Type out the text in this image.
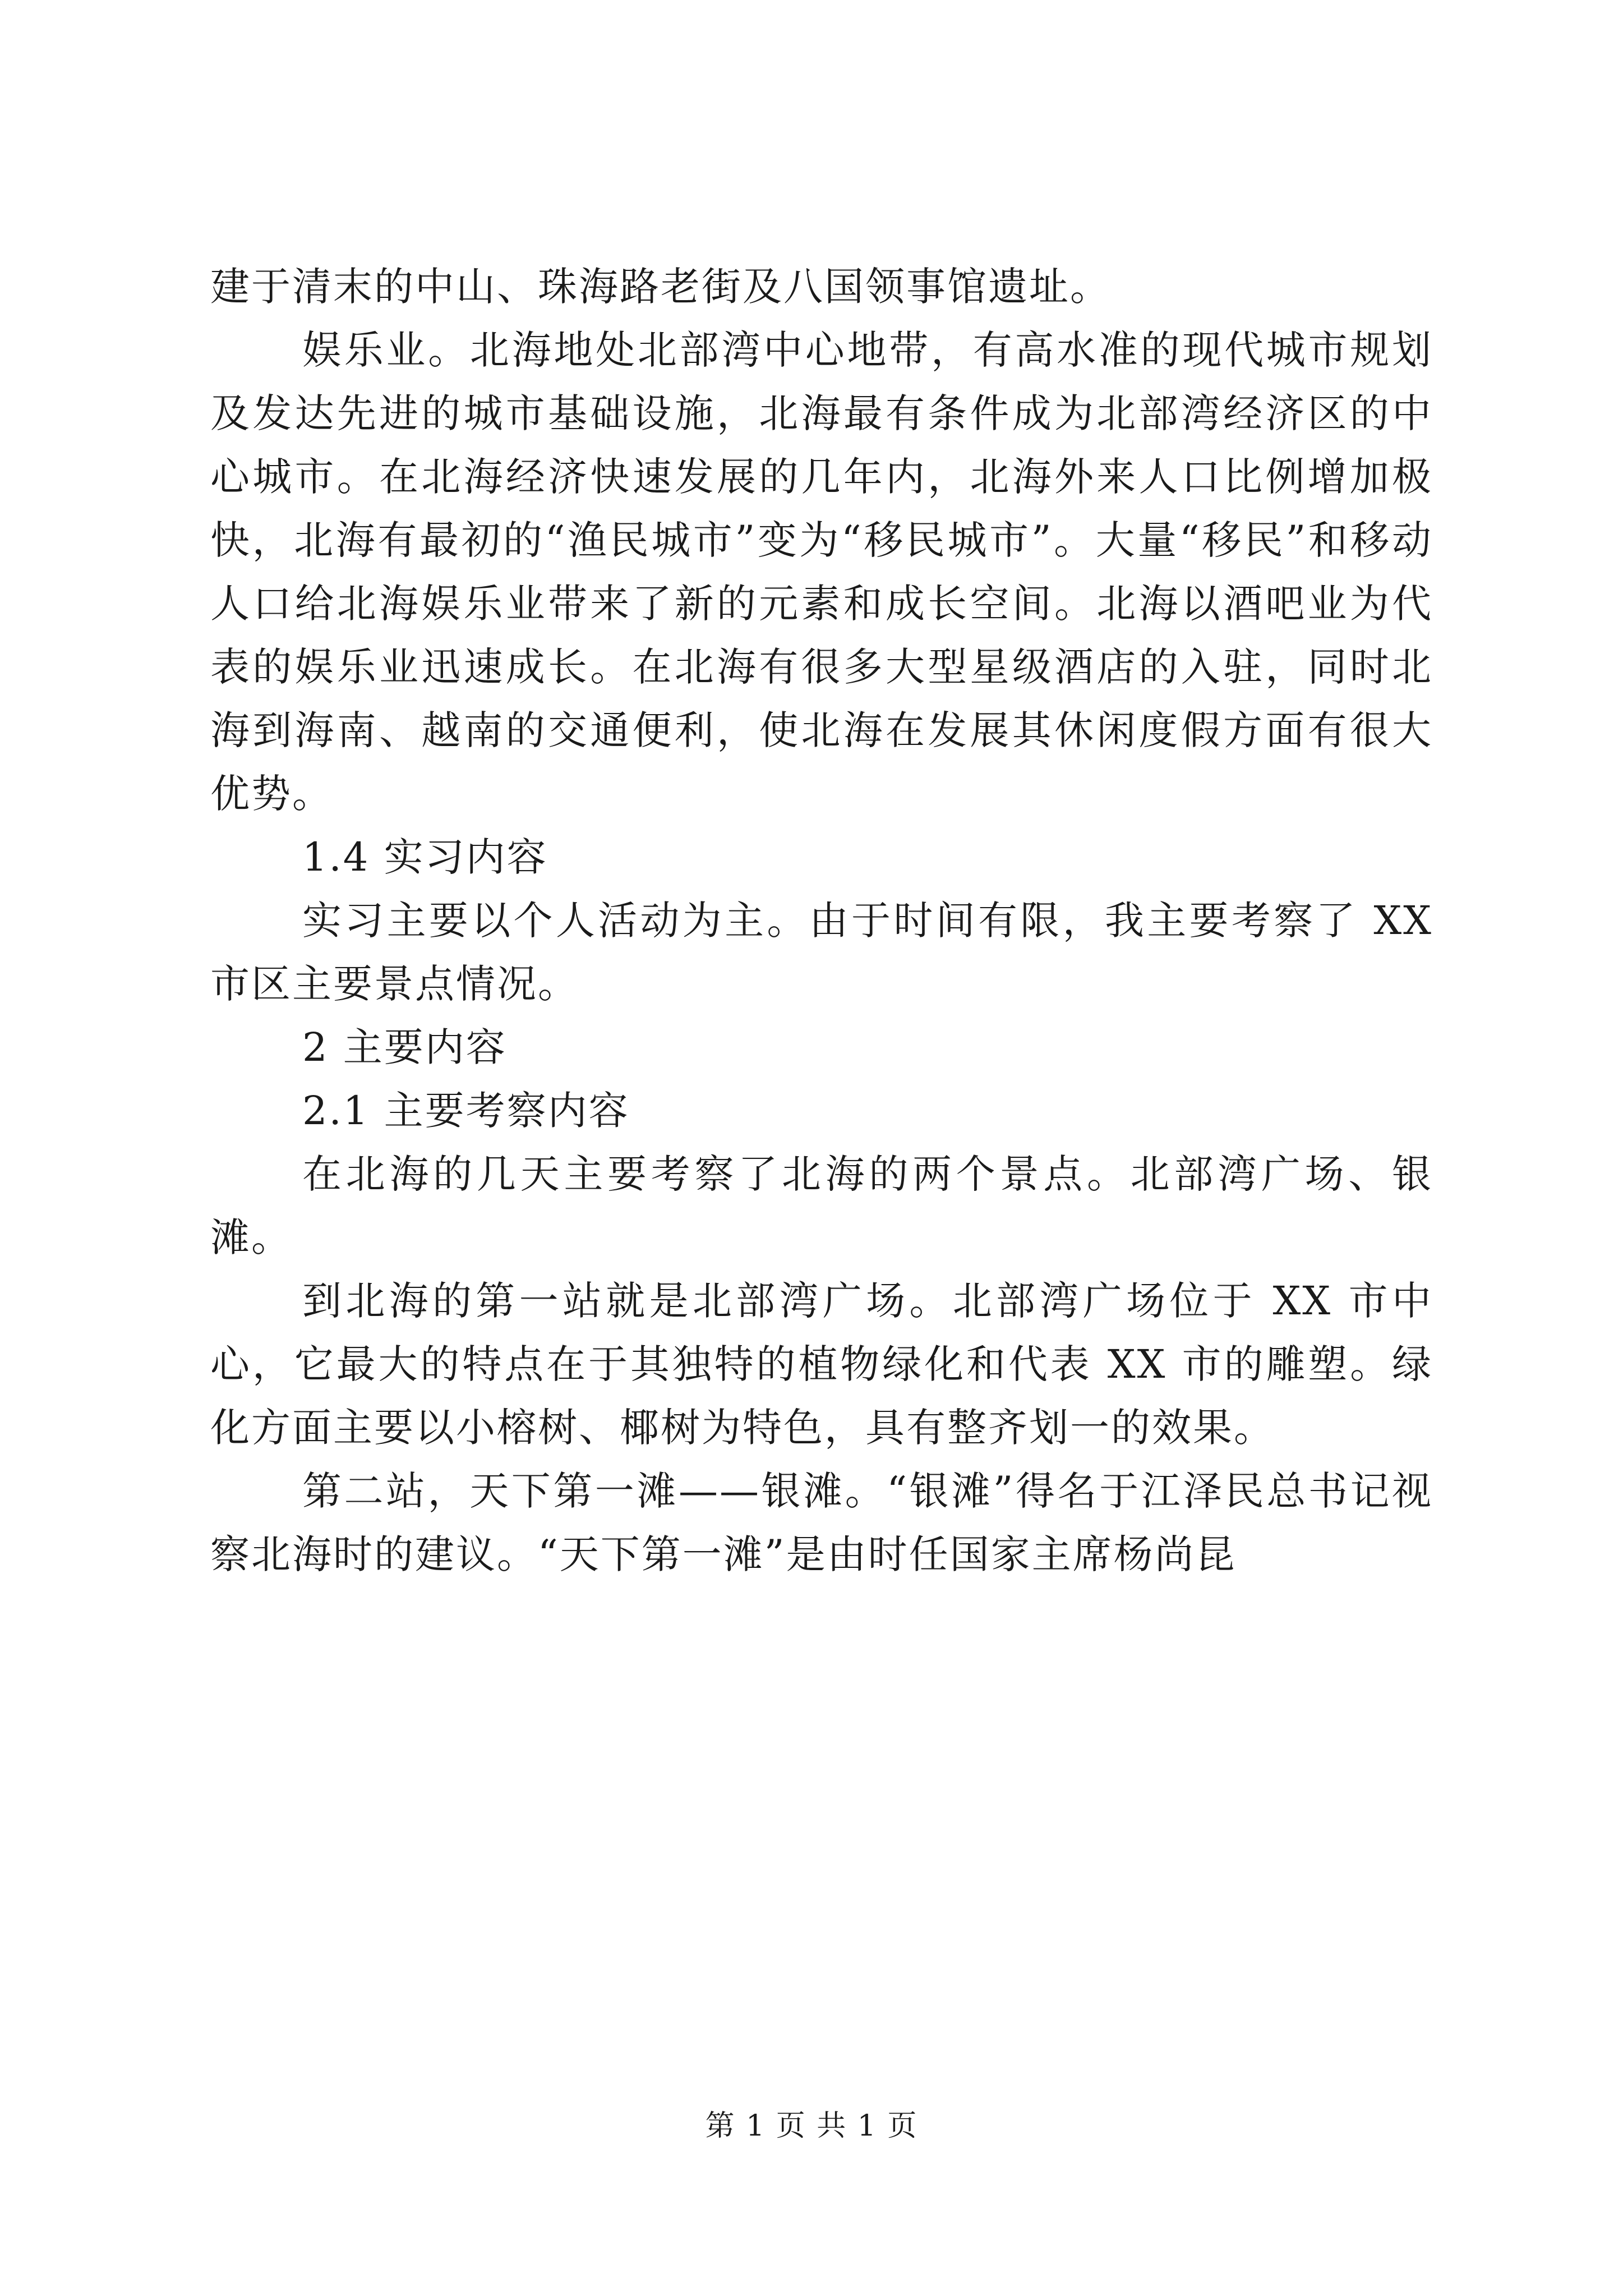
建于清末的中山、珠海路老街及八国领事馆遗址。

娱乐业。北海地处北部湾中心地带，有高水准的现代城市规划及发达先进的城市基础设施，北海最有条件成为北部湾经济区的中心城市。在北海经济快速发展的几年内，北海外来人口比例增加极快，北海有最初的“渔民城市”变为“移民城市”。大量“移民”和移动人口给北海娱乐业带来了新的元素和成长空间。北海以酒吧业为代表的娱乐业迅速成长。在北海有很多大型星级酒店的入驻，同时北海到海南、越南的交通便利，使北海在发展其休闲度假方面有很大优势。

1.4 实习内容

实习主要以个人活动为主。由于时间有限，我主要考察了 XX 市区主要景点情况。

2 主要内容

2.1 主要考察内容

在北海的几天主要考察了北海的两个景点。北部湾广场、银滩。

到北海的第一站就是北部湾广场。北部湾广场位于 XX 市中心，它最大的特点在于其独特的植物绿化和代表 XX 市的雕塑。绿化方面主要以小榕树、椰树为特色，具有整齐划一的效果。

第二站，天下第一滩——银滩。“银滩”得名于江泽民总书记视察北海时的建议。“天下第一滩”是由时任国家主席杨尚昆

第 1 页 共 1 页
